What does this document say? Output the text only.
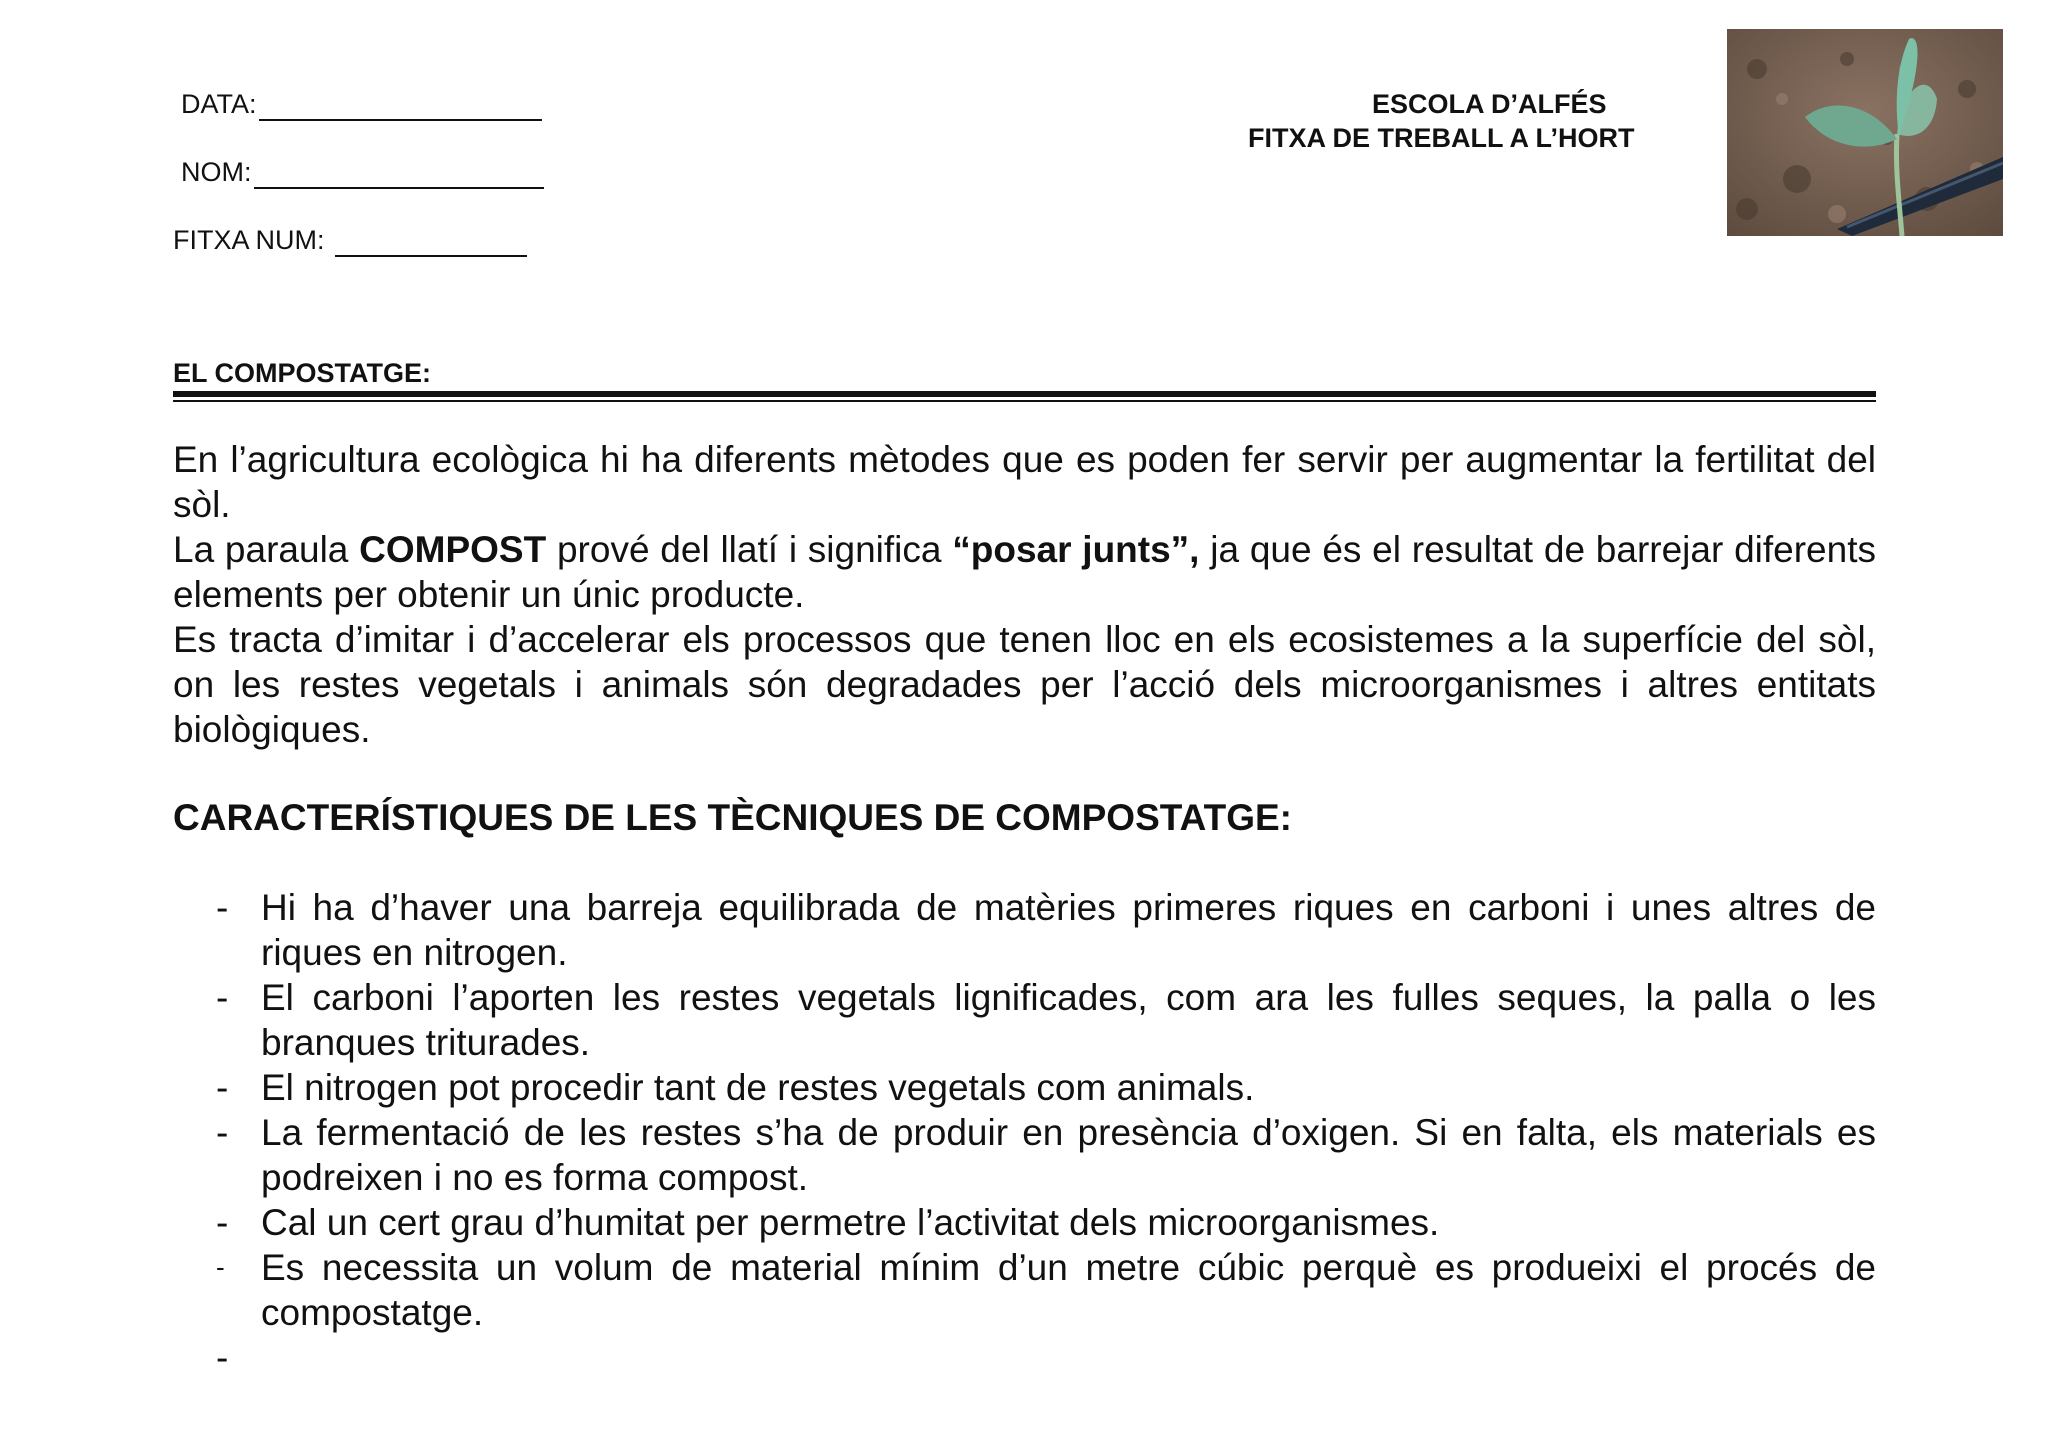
DATA:
NOM:
FITXA NUM:
ESCOLA D’ALFÉS
FITXA DE TREBALL A L’HORT
EL COMPOSTATGE:

En l’agricultura ecològica hi ha diferents mètodes que es poden fer servir per augmentar la fertilitat del sòl.

La paraula COMPOST prové del llatí i significa “posar junts”, ja que és el resultat de barrejar diferents elements per obtenir un únic producte.

Es tracta d’imitar i d’accelerar els processos que tenen lloc en els ecosistemes a la superfície del sòl, on les restes vegetals i animals són degradades per l’acció dels microorganismes i altres entitats biològiques.

CARACTERÍSTIQUES DE LES TÈCNIQUES DE COMPOSTATGE:
- Hi ha d’haver una barreja equilibrada de matèries primeres riques en carboni i unes altres de riques en nitrogen.
- El carboni l’aporten les restes vegetals lignificades, com ara les fulles seques, la palla o les branques triturades.
- El nitrogen pot procedir tant de restes vegetals com animals.
- La fermentació de les restes s’ha de produir en presència d’oxigen. Si en falta, els materials es podreixen i no es forma compost.
- Cal un cert grau d’humitat per permetre l’activitat dels microorganismes.
- Es necessita un volum de material mínim d’un metre cúbic perquè es produeixi el procés de compostatge.
-
